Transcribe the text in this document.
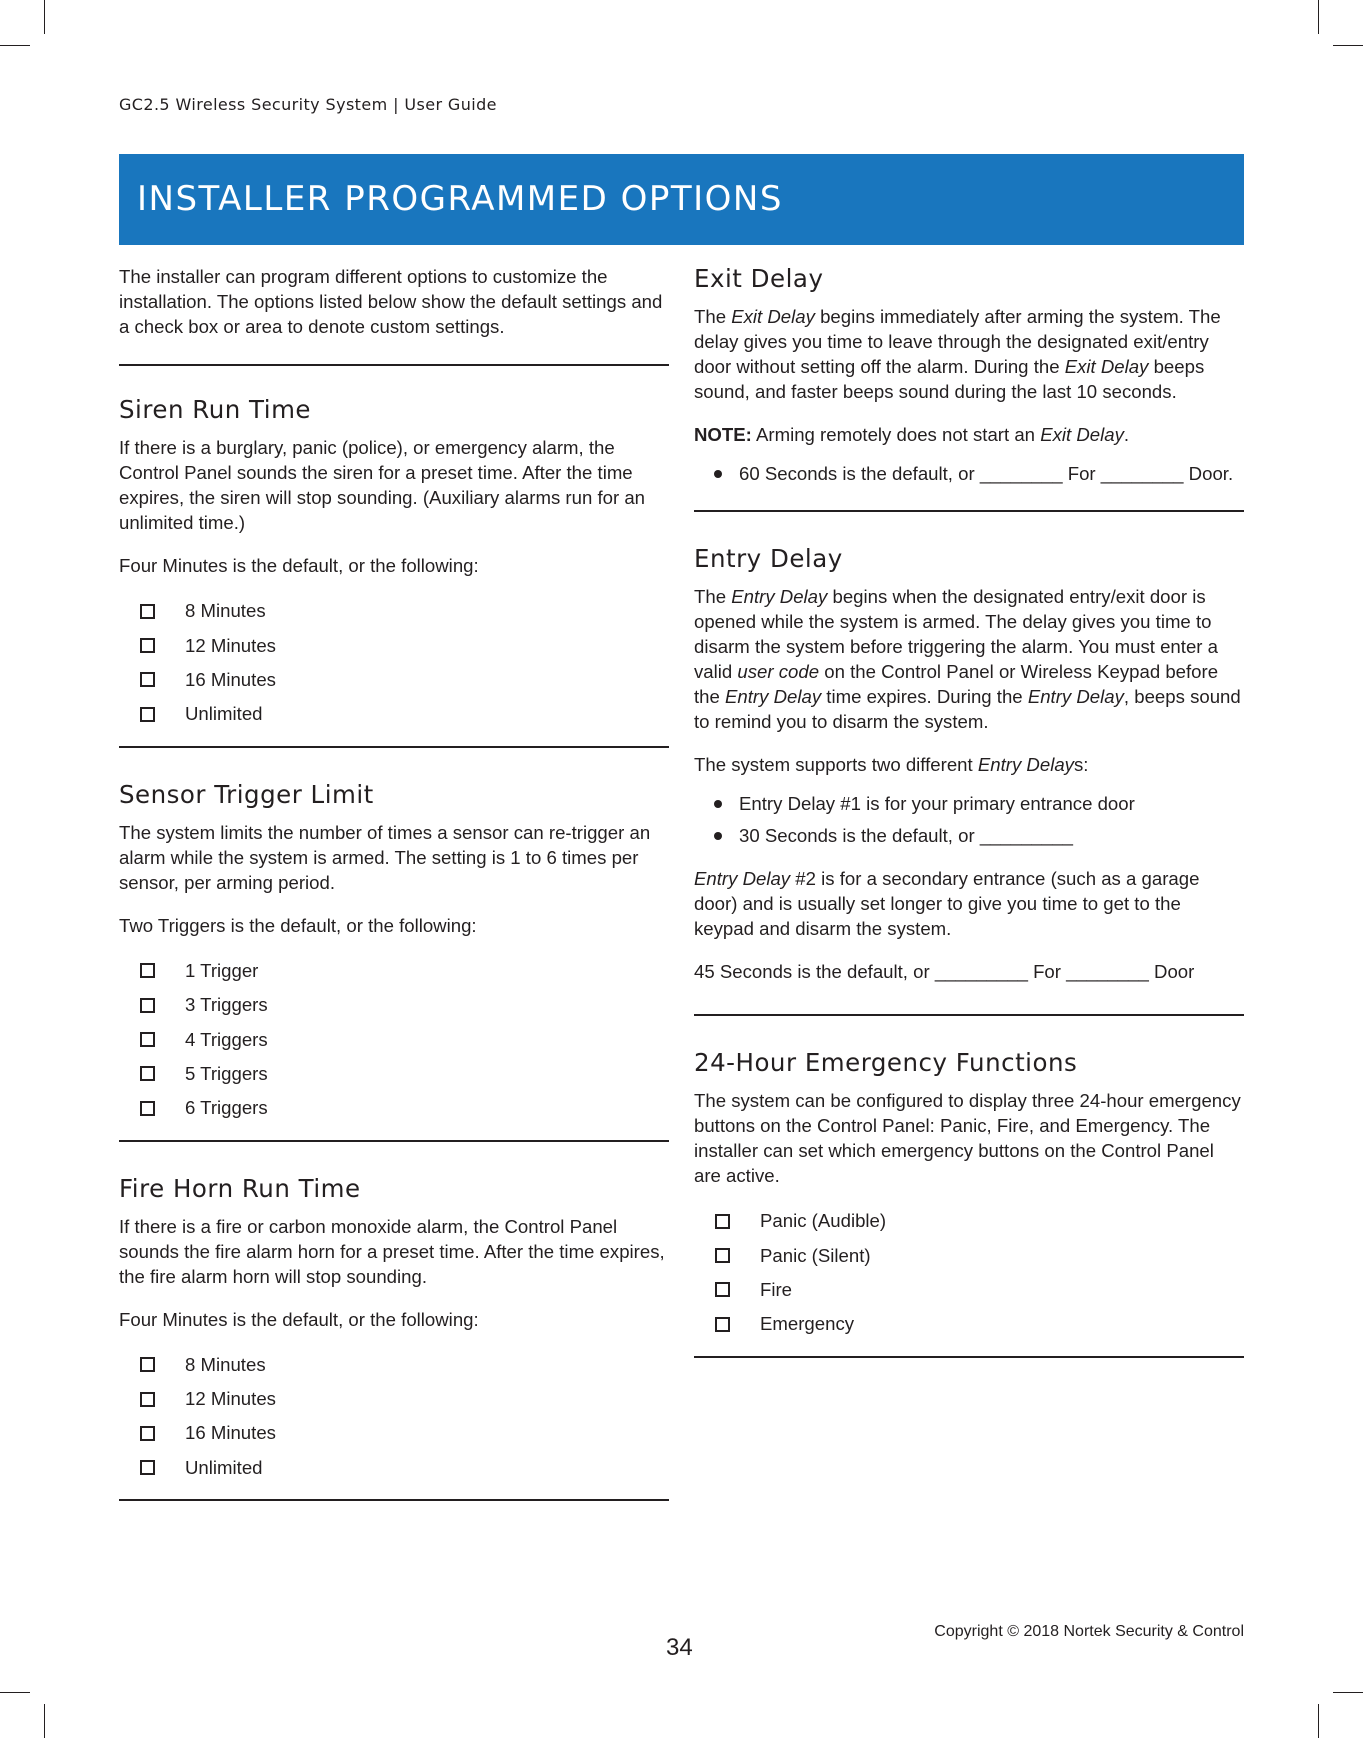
GC2.5 Wireless Security System | User Guide
INSTALLER PROGRAMMED OPTIONS

The installer can program different options to customize the installation. The options listed below show the default settings and a check box or area to denote custom settings.

Siren Run Time

If there is a burglary, panic (police), or emergency alarm, the Control Panel sounds the siren for a preset time. After the time expires, the siren will stop sounding. (Auxiliary alarms run for an unlimited time.)

Four Minutes is the default, or the following:

8 Minutes
12 Minutes
16 Minutes
Unlimited
Sensor Trigger Limit

The system limits the number of times a sensor can re-trigger an alarm while the system is armed. The setting is 1 to 6 times per sensor, per arming period.

Two Triggers is the default, or the following:

1 Trigger
3 Triggers
4 Triggers
5 Triggers
6 Triggers
Fire Horn Run Time

If there is a fire or carbon monoxide alarm, the Control Panel sounds the fire alarm horn for a preset time. After the time expires, the fire alarm horn will stop sounding.

Four Minutes is the default, or the following:

8 Minutes
12 Minutes
16 Minutes
Unlimited
Exit Delay

The Exit Delay begins immediately after arming the system. The delay gives you time to leave through the designated exit/entry door without setting off the alarm. During the Exit Delay beeps sound, and faster beeps sound during the last 10 seconds.

NOTE: Arming remotely does not start an Exit Delay.

60 Seconds is the default, or ________ For ________ Door.
Entry Delay

The Entry Delay begins when the designated entry/exit door is opened while the system is armed. The delay gives you time to disarm the system before triggering the alarm. You must enter a valid user code on the Control Panel or Wireless Keypad before the Entry Delay time expires. During the Entry Delay, beeps sound to remind you to disarm the system.

The system supports two different Entry Delays:

Entry Delay #1 is for your primary entrance door
30 Seconds is the default, or _________

Entry Delay #2 is for a secondary entrance (such as a garage door) and is usually set longer to give you time to get to the keypad and disarm the system.

45 Seconds is the default, or _________ For ________ Door

24-Hour Emergency Functions

The system can be configured to display three 24-hour emergency buttons on the Control Panel: Panic, Fire, and Emergency. The installer can set which emergency buttons on the Control Panel are active.

Panic (Audible)
Panic (Silent)
Fire
Emergency
34
Copyright © 2018 Nortek Security & Control
